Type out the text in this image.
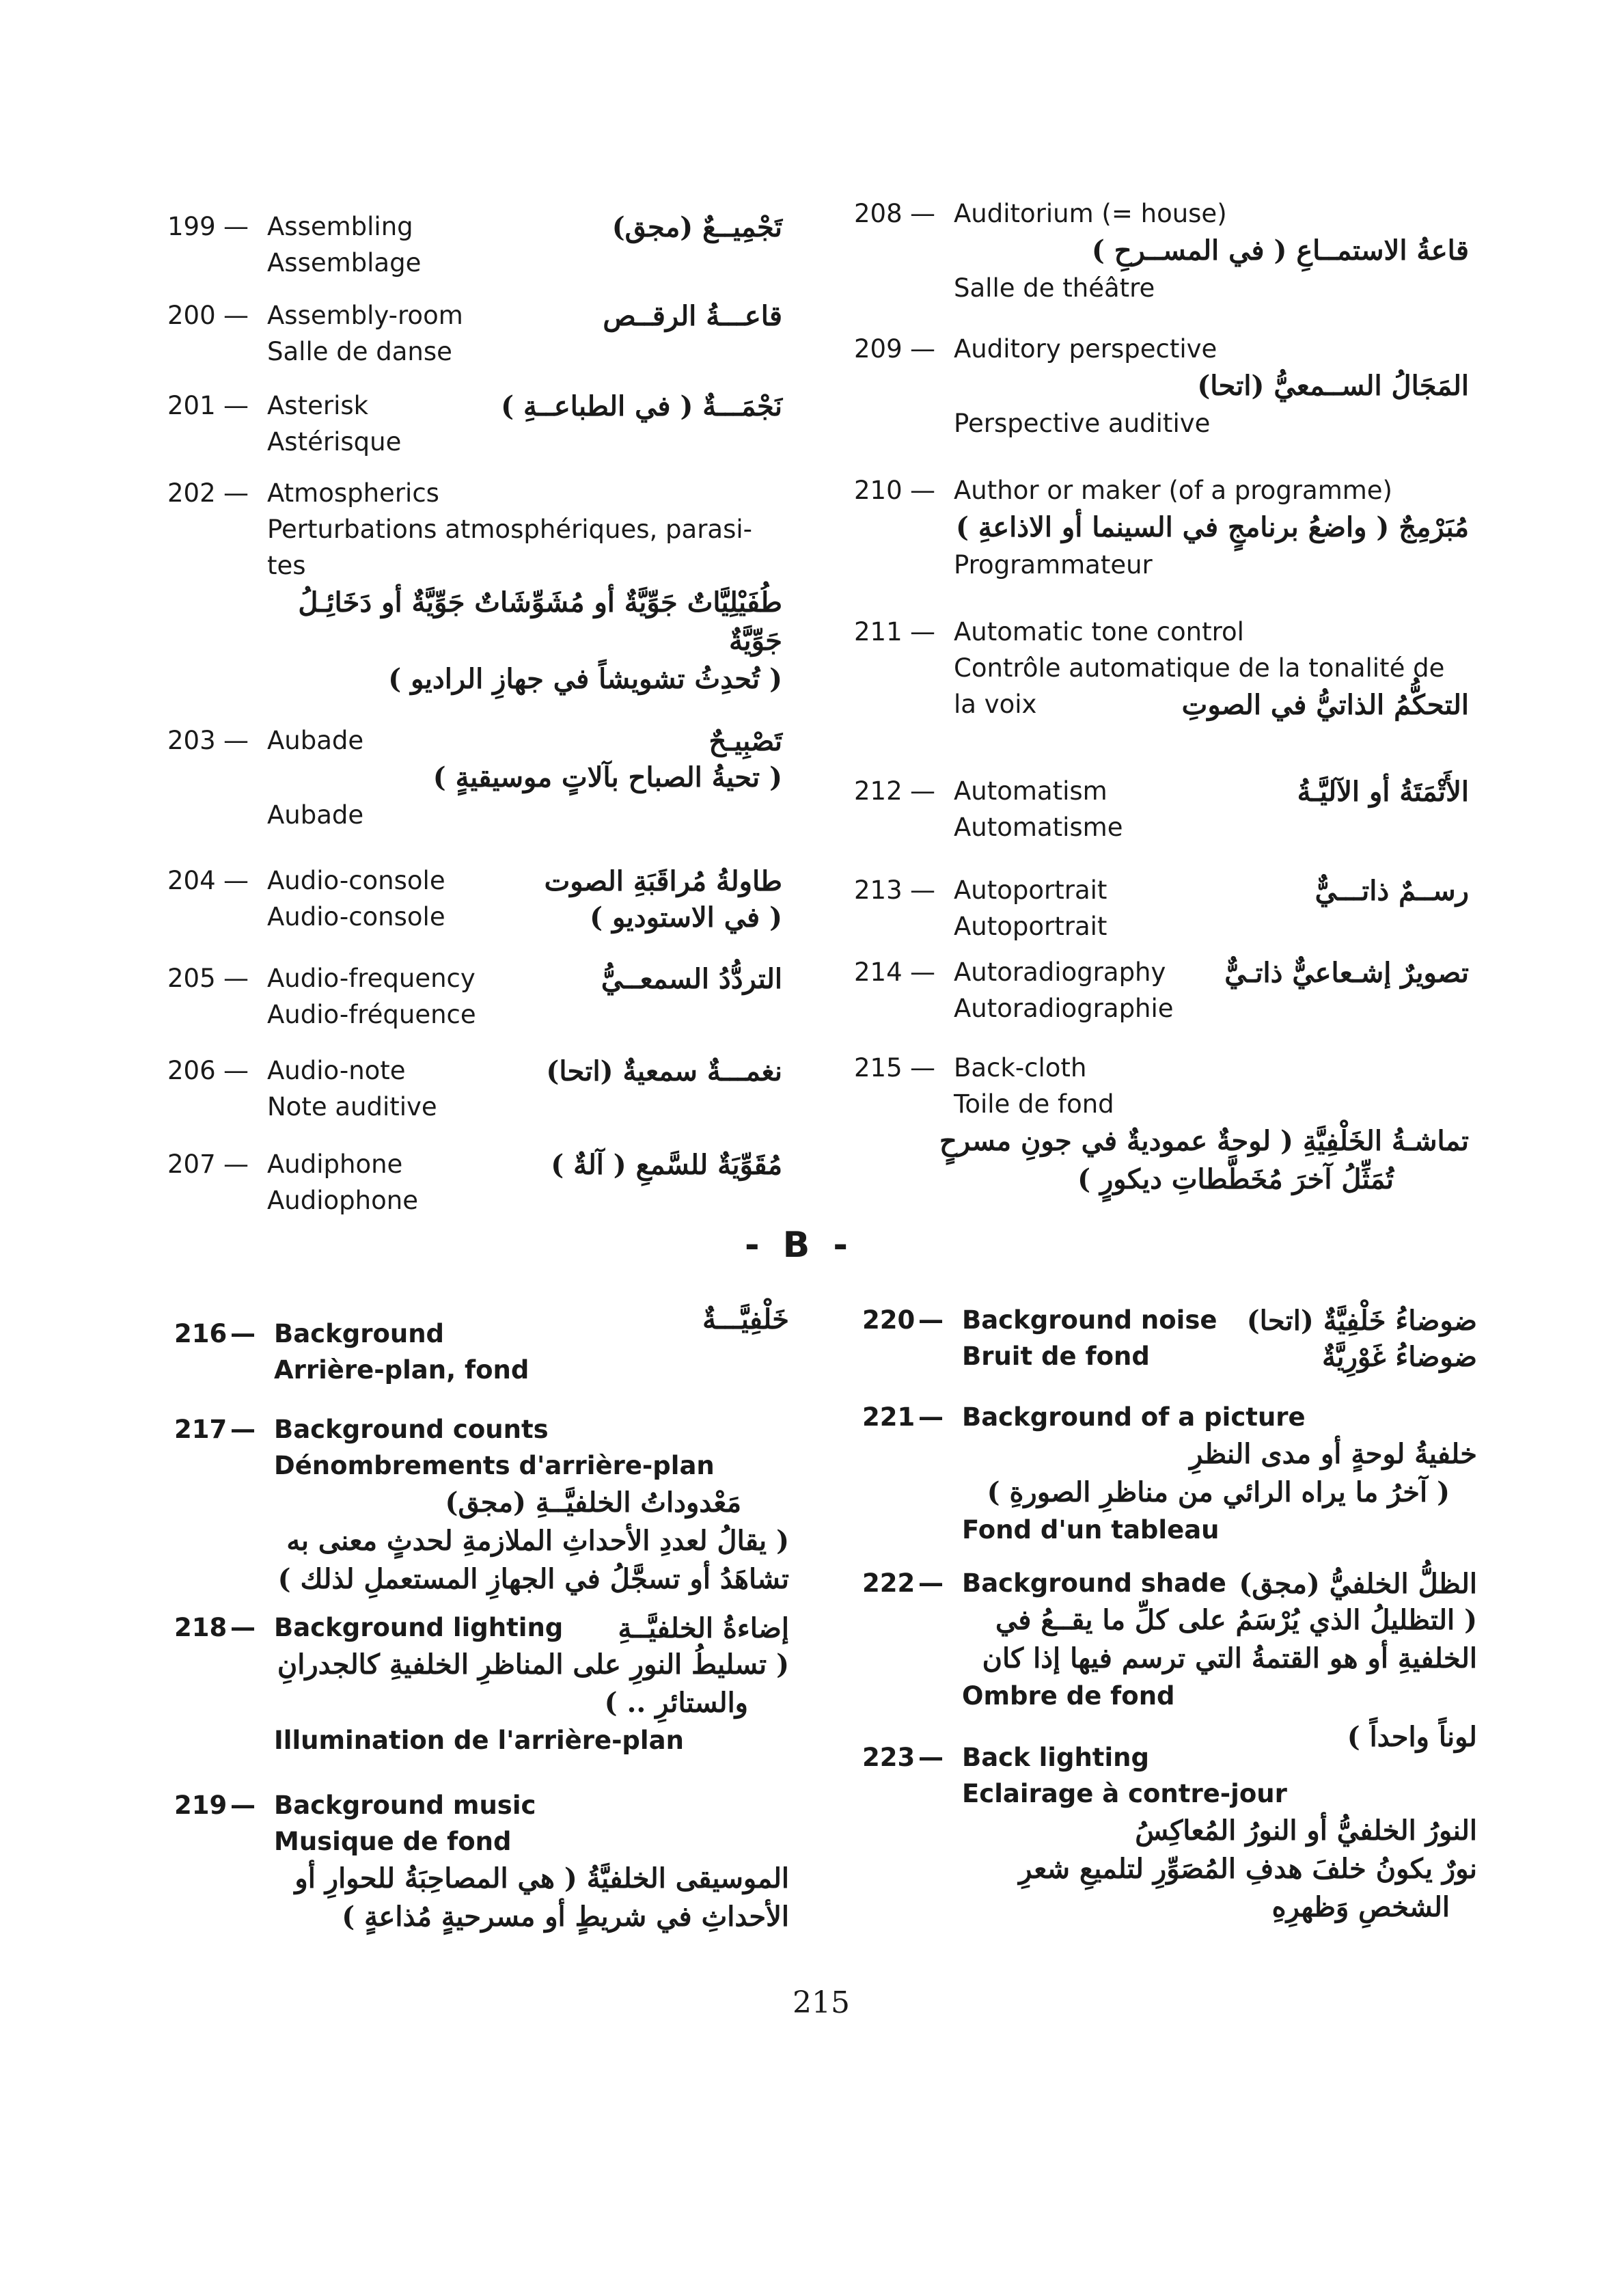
199 — Assembling
Assemblage
تَجْمِيــعٌ (مجق)
200 — Assembly-room
Salle de danse
قاعـــةُ الرقــص
201 — Asterisk
Astérisque
نَجْمَـــةٌ ( في الطباعــةِ )
202 — Atmospherics
Perturbations atmosphériques, parasi-
tes
طُفَيْلِيَّاتٌ جَوِّيَّةٌ أو مُشَوِّشَاتٌ جَوِّيَّةٌ أو دَخَائِـلُ
جَوِّيَّةٌ
( تُحدِثُ تشويشاً في جهازِ الراديو )
203 — Aubade
( تحيةُ الصباح بآلاتٍ موسيقيةٍ )
Aubade
تَصْبِيـحٌ
204 — Audio-console
Audio-console
طاولةُ مُراقَبَةِ الصوت
( في الاستوديو )
205 — Audio-frequency
Audio-fréquence
التردُّدُ السمعــيُّ
206 — Audio-note
Note auditive
نغمـــةٌ سمعيةٌ (اتحا)
207 — Audiphone
Audiophone
مُقَوِّيَةٌ للسَّمعِ ( آلةٌ )
208 — Auditorium (= house)
قاعةُ الاستمــاعِ ( في المســرحِ )
Salle de théâtre
209 — Auditory perspective
المَجَالُ الســمعيُّ (اتحا)
Perspective auditive
210 — Author or maker (of a programme)
مُبَرْمِجٌ ( واضعُ برنامجٍ في السينما أو الاذاعةِ )
Programmateur
211 — Automatic tone control
Contrôle automatique de la tonalité de
la voix	التحكُّمُ الذاتيُّ في الصوتِ
212 — Automatism
Automatisme
الأَتْمَتَةُ أو الآليَّـةُ
213 — Autoportrait
Autoportrait
رســمٌ ذاتـــيٌّ
214 — Autoradiography
Autoradiographie
تصويرٌ إشـعاعيٌّ ذاتـيٌّ
215 — Back-cloth
Toile de fond
تماشـةُ الخَلْفِيَّةِ ( لوحةٌ عموديةٌ في جونِ مسرحٍ
تُمَثِّلُ آخرَ مُخَطَّطاتِ ديكورٍ )
- B -
216 — Background
Arrière-plan, fond
خَلْفِيَّـــةٌ
217 — Background counts
Dénombrements d'arrière-plan
مَعْدوداتُ الخلفيَّــةِ (مجق)
( يقالُ لعددِ الأحداثِ الملازمةِ لحدثٍ معنى به
تشاهَدُ أو تسجَّلُ في الجهازِ المستعملِ لذلك )
218 — Background lighting إضاءةُ الخلفيَّــةِ
( تسليطُ النورِ على المناظرِ الخلفيةِ كالجدرانِ
والستائرِ .. )
Illumination de l'arrière-plan
219 — Background music
Musique de fond
الموسيقى الخلفيَّةُ ( هي المصاحِبَةُ للحوارِ أو
الأحداثِ في شريطٍ أو مسرحيةٍ مُذاعةٍ )
220 — Background noise
Bruit de fond
ضوضاءُ خَلْفِيَّةٌ (اتحا)
ضوضاءُ غَوْرِيَّةٌ
221 — Background of a picture
خلفيةُ لوحةٍ أو مدى النظرِ
( آخرُ ما يراه الرائي من مناظرِ الصورةِ )
Fond d'un tableau
222 — Background shade الظلُّ الخلفيُّ (مجق)
( التظليلُ الذي يُرْسَمُ على كلِّ ما يقــعُ في
الخلفيةِ أو هو القتمةُ التي ترسم فيها إذا كان
Ombre de fond
لوناً واحداً )
223 — Back lighting
Eclairage à contre-jour
النورُ الخلفيُّ أو النورُ المُعاكِسُ
نورٌ يكونُ خلفَ هدفِ المُصَوِّرِ لتلميعِ شعرِ
الشخصِ وَظهرِهِ
215
